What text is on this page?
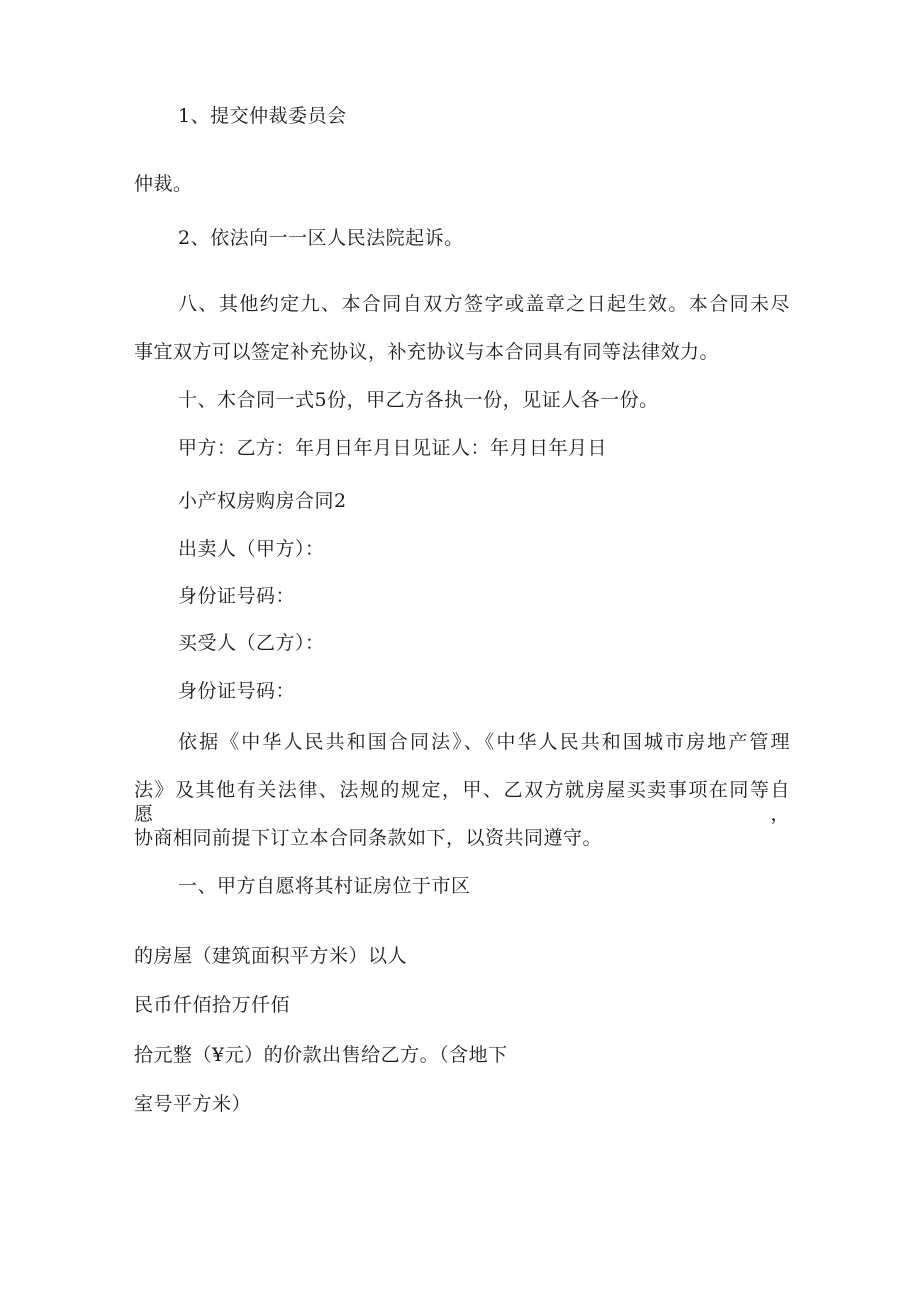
1、提交仲裁委员会
仲裁。
2、依法向一一区人民法院起诉。
八、其他约定九、本合同自双方签字或盖章之日起生效。本合同未尽
事宜双方可以签定补充协议，补充协议与本合同具有同等法律效力。
十、木合同一式5份，甲乙方各执一份，见证人各一份。
甲方：乙方：年月日年月日见证人：年月日年月日
小产权房购房合同2
出卖人（甲方）：
身份证号码：
买受人（乙方）：
身份证号码：
依据《中华人民共和国合同法》、《中华人民共和国城市房地产管理
法》及其他有关法律、法规的规定，甲、乙双方就房屋买卖事项在同等自愿，
协商相同前提下订立本合同条款如下，以资共同遵守。
一、甲方自愿将其村证房位于市区
的房屋（建筑面积平方米）以人
民币仟佰拾万仟佰
拾元整（¥元）的价款出售给乙方。（含地下
室号平方米）
